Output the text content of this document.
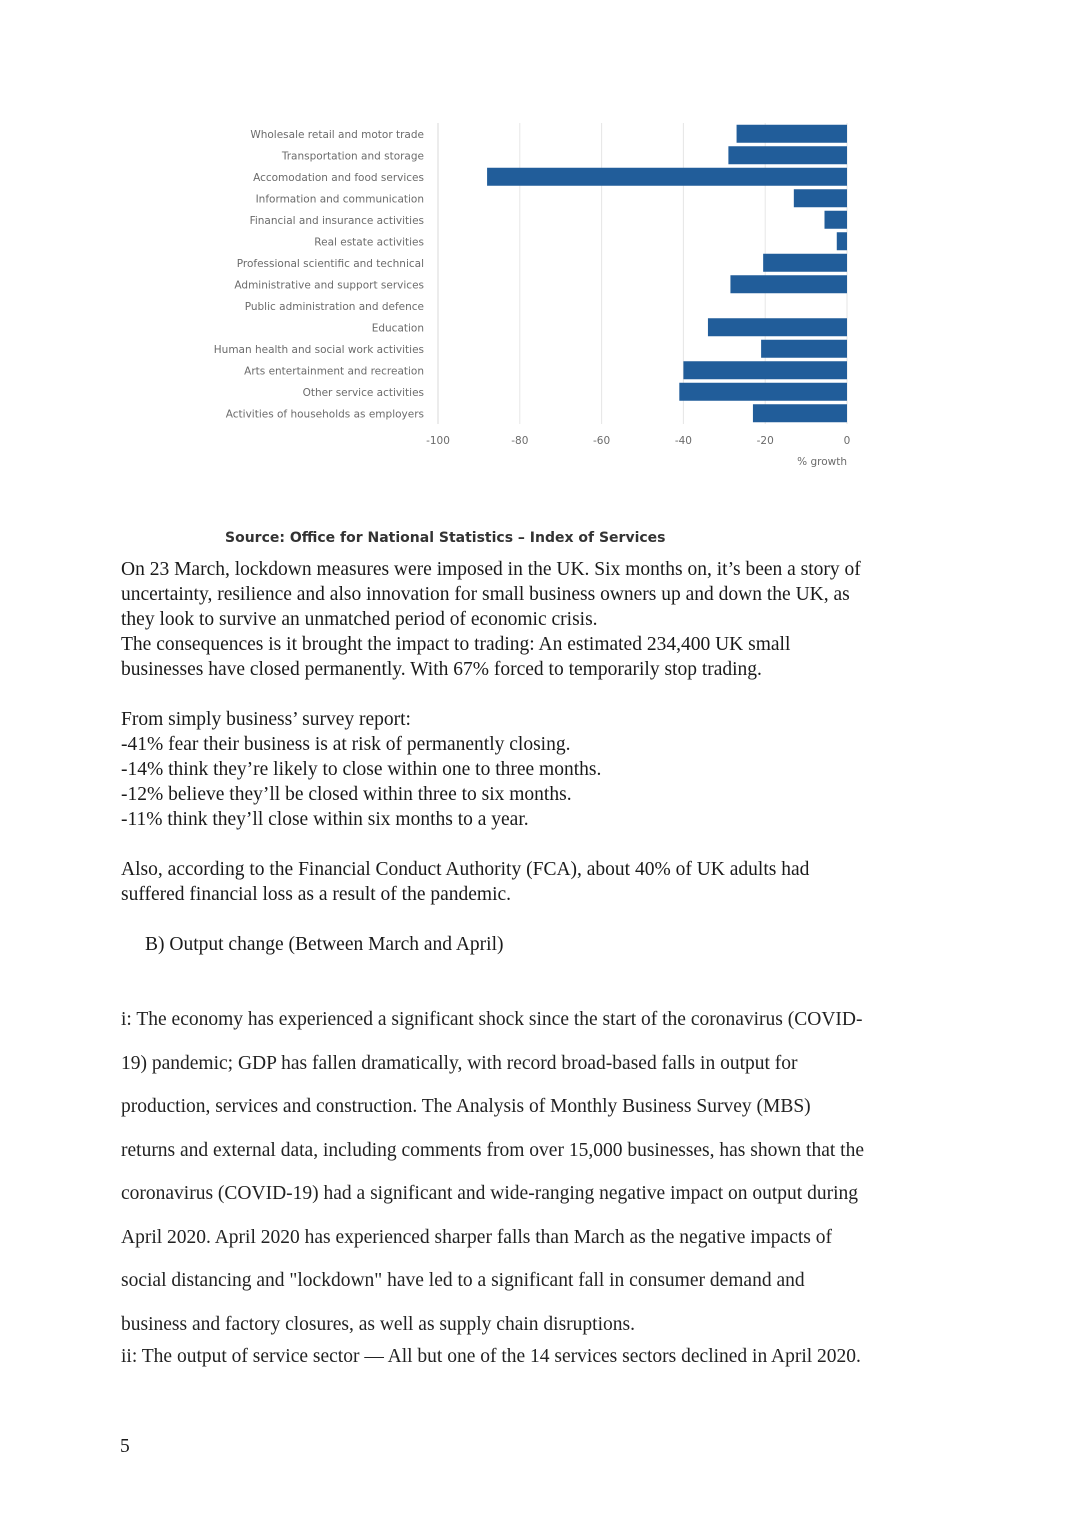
Wholesale retail and motor trade
Transportation and storage
Accomodation and food services
Information and communication
Financial and insurance activities
Real estate activities
Professional scientific and technical
Administrative and support services
Public administration and defence
Education
Human health and social work activities
Arts entertainment and recreation
Other service activities
Activities of households as employers
-100	-80	-60	-40	-20	0
% growth
Source: Office for National Statistics – Index of Services
On 23 March, lockdown measures were imposed in the UK. Six months on, it’s been a story of
uncertainty, resilience and also innovation for small business owners up and down the UK, as
they look to survive an unmatched period of economic crisis.
The consequences is it brought the impact to trading: An estimated 234,400 UK small
businesses have closed permanently. With 67% forced to temporarily stop trading.
From simply business’ survey report:
-41% fear their business is at risk of permanently closing.
-14% think they’re likely to close within one to three months.
-12% believe they’ll be closed within three to six months.
-11% think they’ll close within six months to a year.
Also, according to the Financial Conduct Authority (FCA), about 40% of UK adults had
suffered financial loss as a result of the pandemic.
B) Output change (Between March and April)
i: The economy has experienced a significant shock since the start of the coronavirus (COVID-
19) pandemic; GDP has fallen dramatically, with record broad-based falls in output for
production, services and construction. The Analysis of Monthly Business Survey (MBS)
returns and external data, including comments from over 15,000 businesses, has shown that the
coronavirus (COVID-19) had a significant and wide-ranging negative impact on output during
April 2020. April 2020 has experienced sharper falls than March as the negative impacts of
social distancing and "lockdown" have led to a significant fall in consumer demand and
business and factory closures, as well as supply chain disruptions.
ii: The output of service sector — All but one of the 14 services sectors declined in April 2020.
5
